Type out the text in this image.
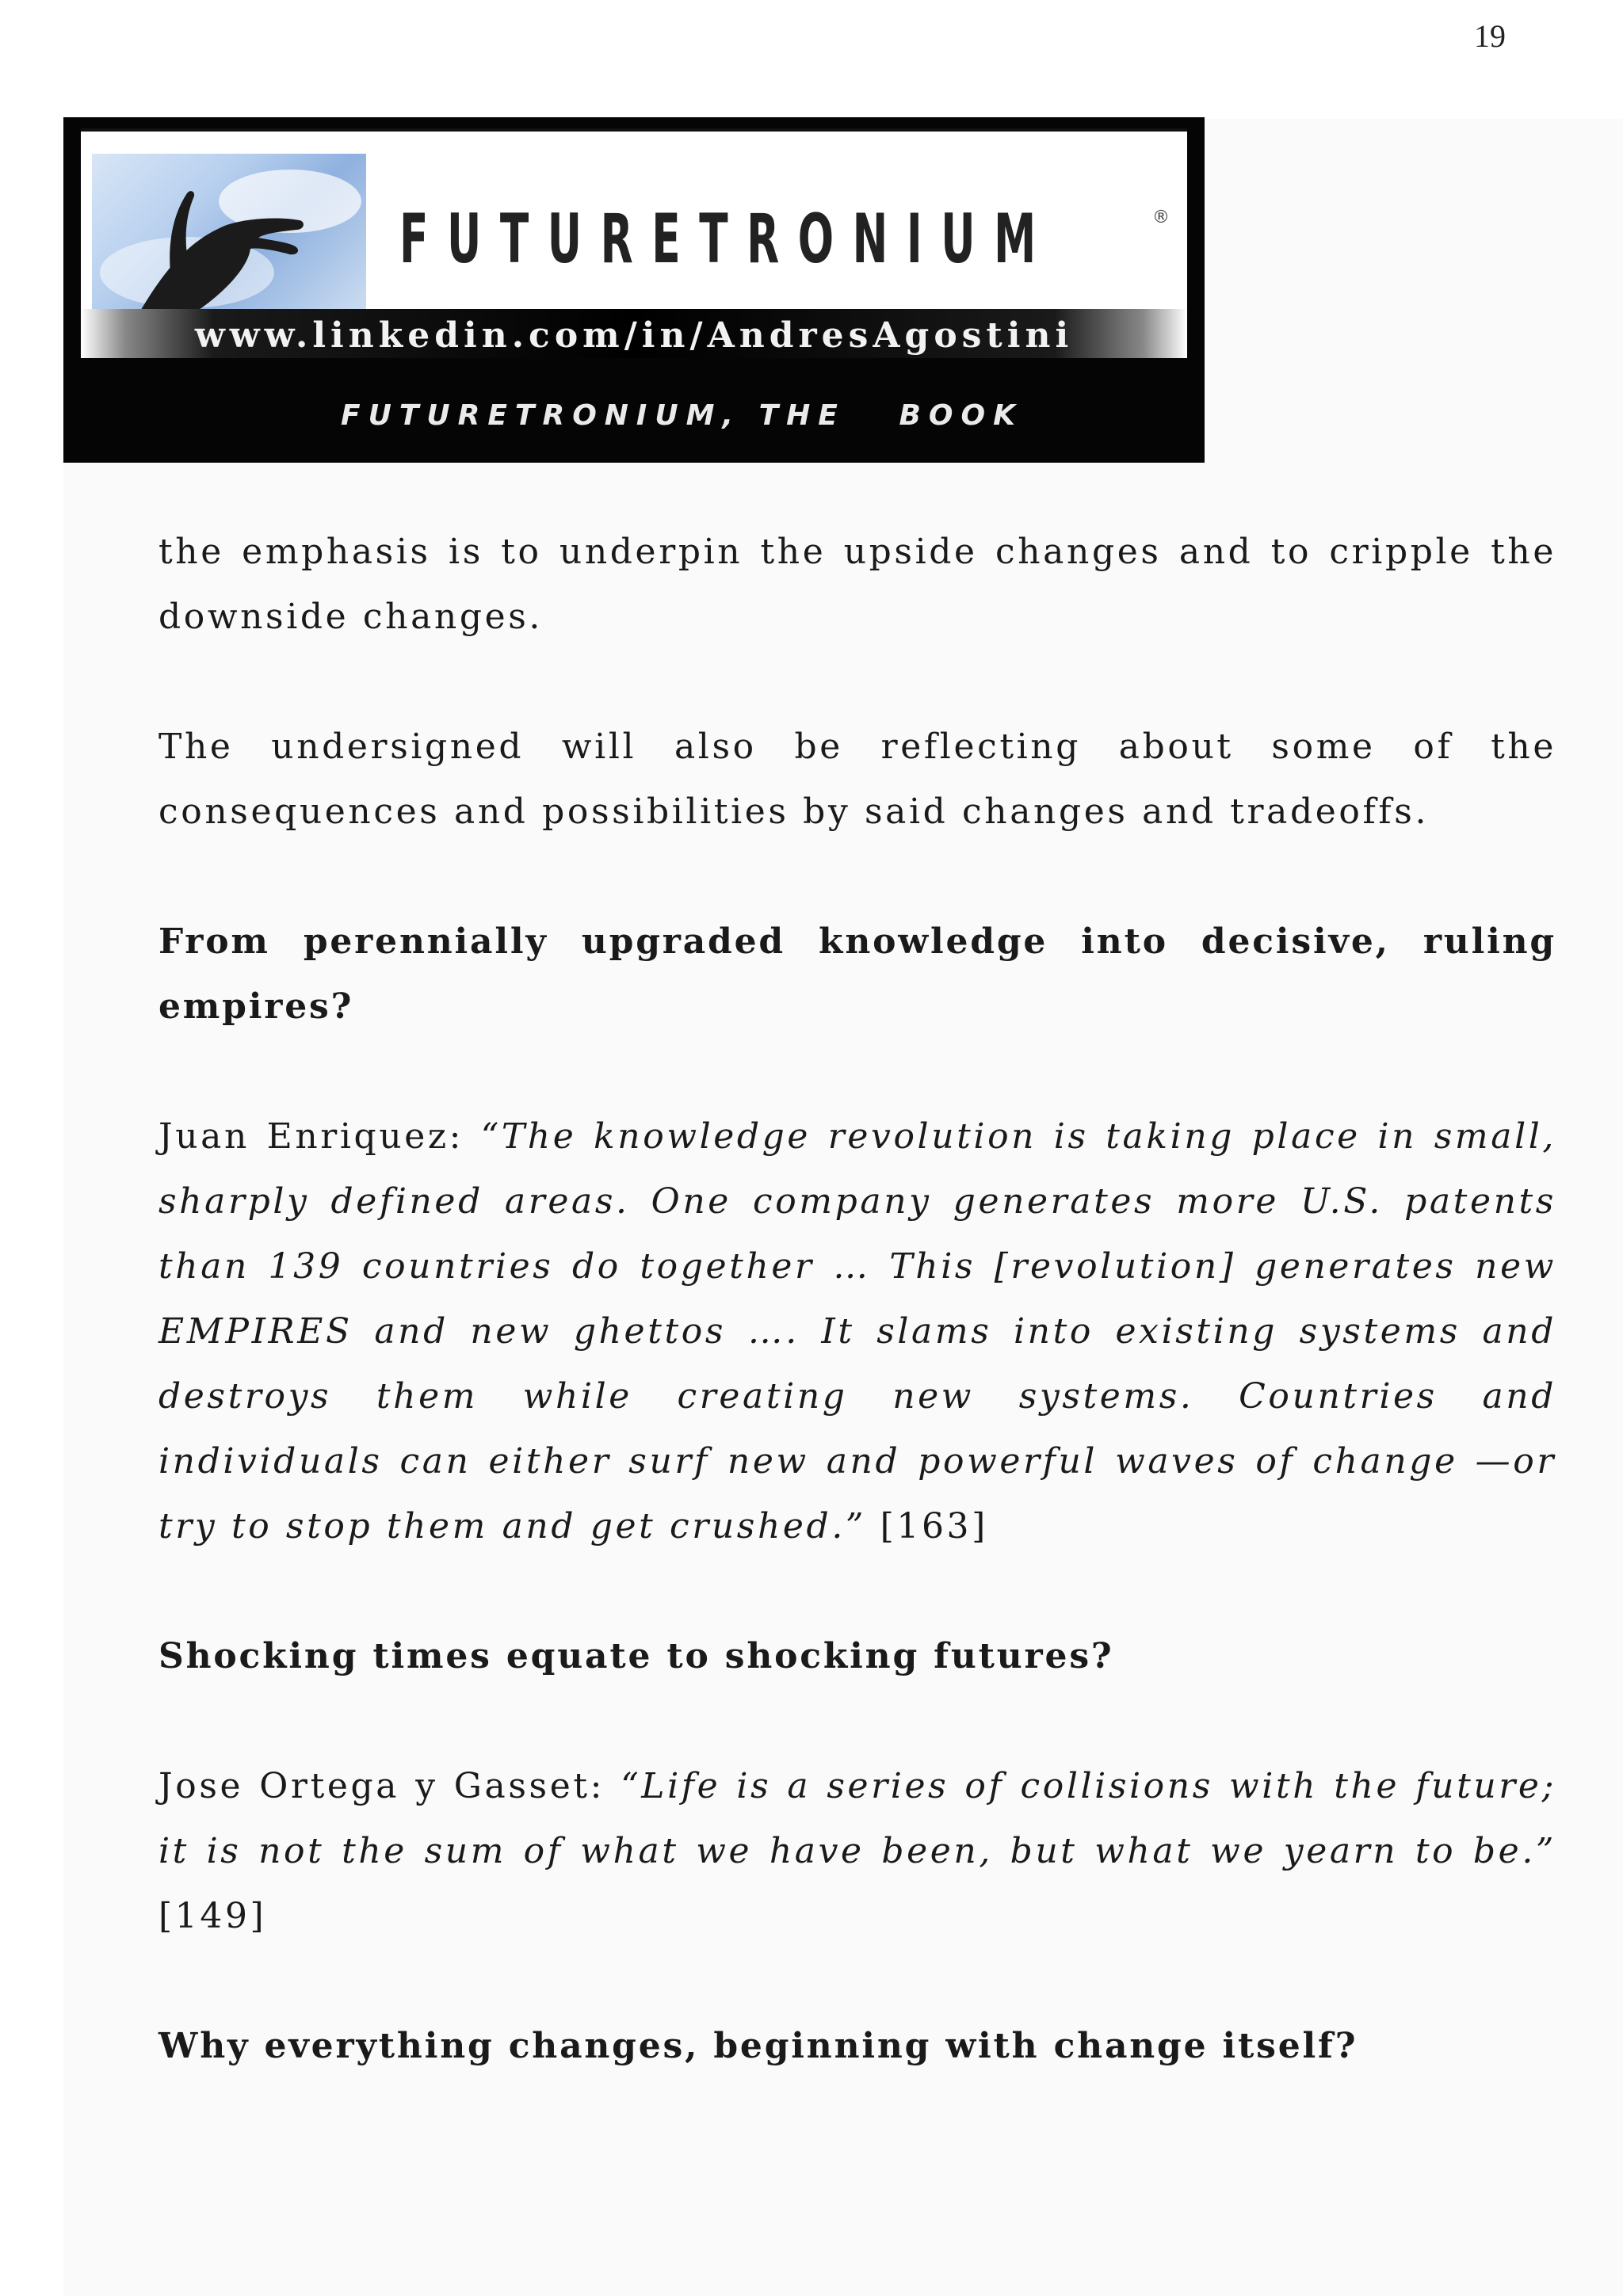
19
FUTURETRONIUM	®
www.linkedin.com/in/AndresAgostini
FUTURETRONIUM, THE   BOOK

the emphasis is to underpin the upside changes and to cripple the downside changes.

The undersigned will also be reflecting about some of the consequences and possibilities by said changes and tradeoffs.

From perennially upgraded knowledge into decisive, ruling empires?

Juan Enriquez: “The knowledge revolution is taking place in small, sharply defined areas. One company generates more U.S. patents than 139 countries do together … This [revolution] generates new EMPIRES and new ghettos …. It slams into existing systems and destroys them while creating new systems. Countries and individuals can either surf new and powerful waves of change —or try to stop them and get crushed.” [163]

Shocking times equate to shocking futures?

Jose Ortega y Gasset: “Life is a series of collisions with the future; it is not the sum of what we have been, but what we yearn to be.” [149]

Why everything changes, beginning with change itself?
